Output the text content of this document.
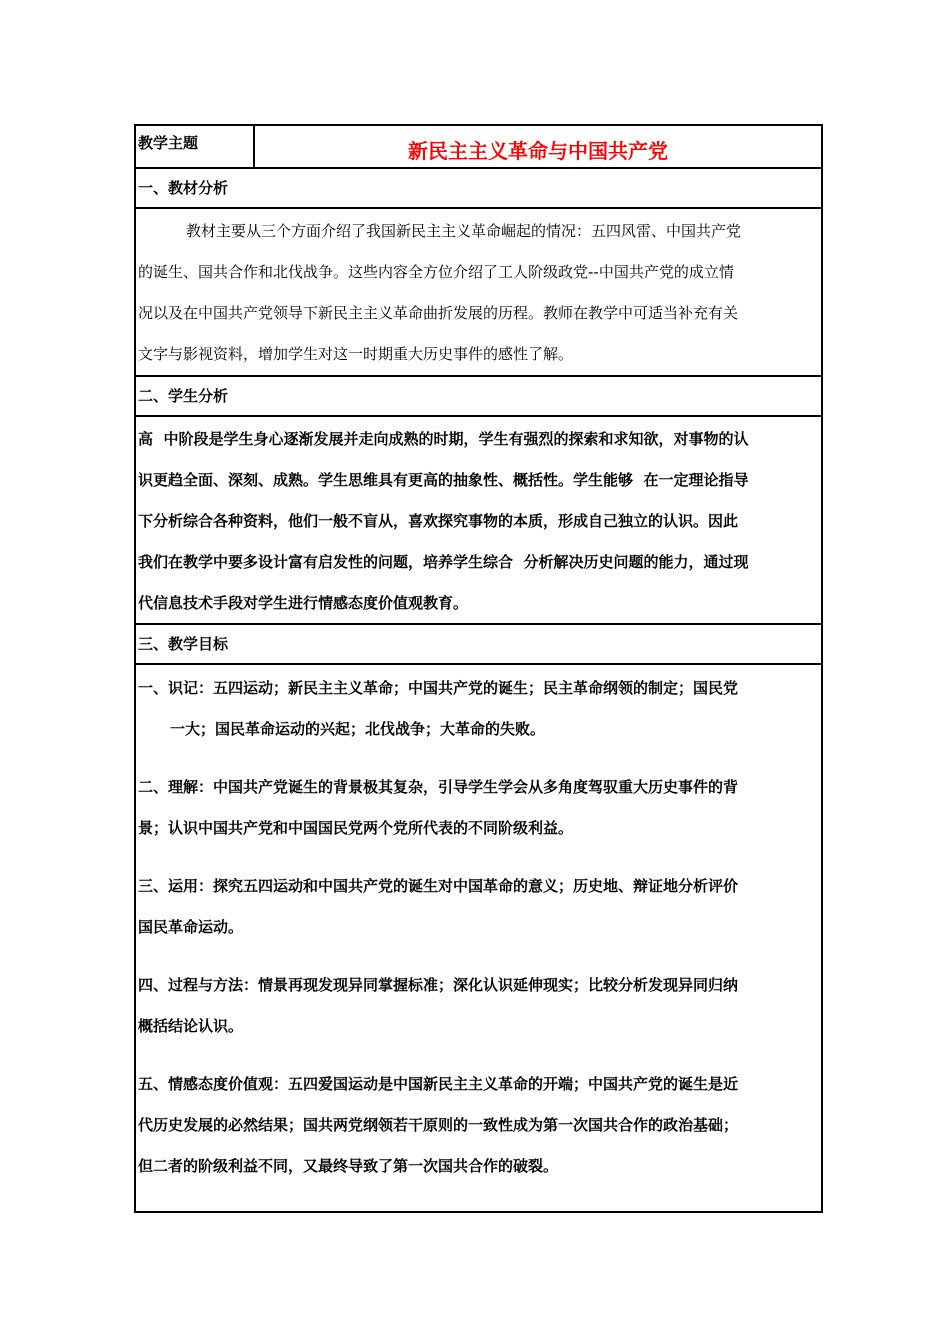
教学主题	新民主主义革命与中国共产党
一、教材分析
教材主要从三个方面介绍了我国新民主主义革命崛起的情况：五四风雷、中国共产党
的诞生、国共合作和北伐战争。这些内容全方位介绍了工人阶级政党--中国共产党的成立情
况以及在中国共产党领导下新民主主义革命曲折发展的历程。教师在教学中可适当补充有关
文字与影视资料，增加学生对这一时期重大历史事件的感性了解。
二、学生分析
高  中阶段是学生身心逐渐发展并走向成熟的时期，学生有强烈的探索和求知欲，对事物的认
识更趋全面、深刻、成熟。学生思维具有更高的抽象性、概括性。学生能够  在一定理论指导
下分析综合各种资料，他们一般不盲从，喜欢探究事物的本质，形成自己独立的认识。因此
我们在教学中要多设计富有启发性的问题，培养学生综合  分析解决历史问题的能力，通过现
代信息技术手段对学生进行情感态度价值观教育。
三、教学目标
一、识记：五四运动；新民主主义革命；中国共产党的诞生；民主革命纲领的制定；国民党
一大；国民革命运动的兴起；北伐战争；大革命的失败。
二、理解：中国共产党诞生的背景极其复杂，引导学生学会从多角度驾驭重大历史事件的背
景；认识中国共产党和中国国民党两个党所代表的不同阶级利益。
三、运用：探究五四运动和中国共产党的诞生对中国革命的意义；历史地、辩证地分析评价
国民革命运动。
四、过程与方法：情景再现发现异同掌握标准；深化认识延伸现实；比较分析发现异同归纳
概括结论认识。
五、情感态度价值观：五四爱国运动是中国新民主主义革命的开端；中国共产党的诞生是近
代历史发展的必然结果；国共两党纲领若干原则的一致性成为第一次国共合作的政治基础；
但二者的阶级利益不同，又最终导致了第一次国共合作的破裂。
